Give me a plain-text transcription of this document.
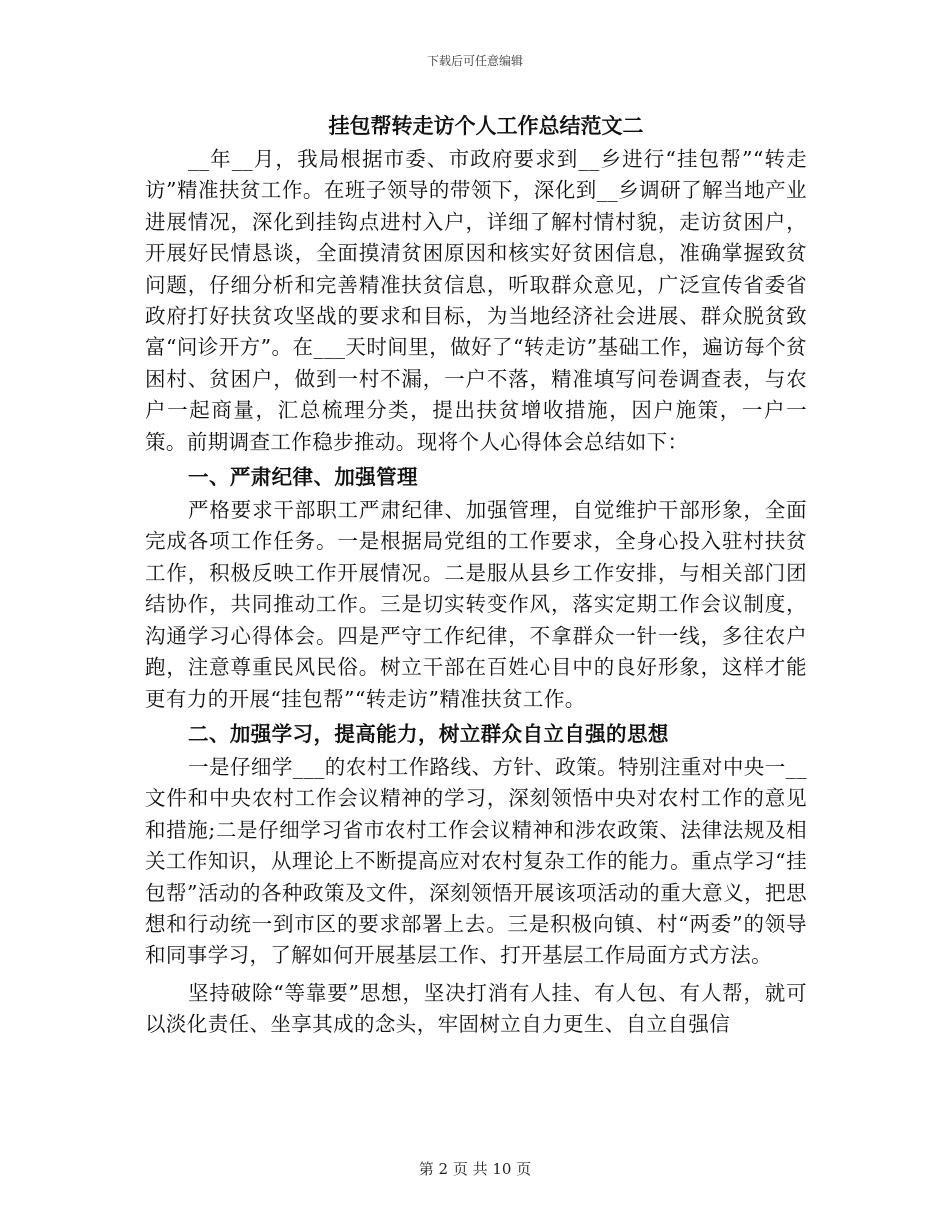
下载后可任意编辑
挂包帮转走访个人工作总结范文二

__年__月，我局根据市委、市政府要求到__乡进行“挂包帮”“转走访”精准扶贫工作。在班子领导的带领下，深化到__乡调研了解当地产业进展情况，深化到挂钩点进村入户，详细了解村情村貌，走访贫困户，开展好民情恳谈，全面摸清贫困原因和核实好贫困信息，准确掌握致贫问题，仔细分析和完善精准扶贫信息，听取群众意见，广泛宣传省委省政府打好扶贫攻坚战的要求和目标，为当地经济社会进展、群众脱贫致富“问诊开方”。在___天时间里，做好了“转走访”基础工作，遍访每个贫困村、贫困户，做到一村不漏，一户不落，精准填写问卷调查表，与农户一起商量，汇总梳理分类，提出扶贫增收措施，因户施策，一户一策。前期调查工作稳步推动。现将个人心得体会总结如下：

一、严肃纪律、加强管理

严格要求干部职工严肃纪律、加强管理，自觉维护干部形象，全面完成各项工作任务。一是根据局党组的工作要求，全身心投入驻村扶贫工作，积极反映工作开展情况。二是服从县乡工作安排，与相关部门团结协作，共同推动工作。三是切实转变作风，落实定期工作会议制度，沟通学习心得体会。四是严守工作纪律，不拿群众一针一线，多往农户跑，注意尊重民风民俗。树立干部在百姓心目中的良好形象，这样才能更有力的开展“挂包帮”“转走访”精准扶贫工作。

二、加强学习，提高能力，树立群众自立自强的思想

一是仔细学___的农村工作路线、方针、政策。特别注重对中央一__文件和中央农村工作会议精神的学习，深刻领悟中央对农村工作的意见和措施;二是仔细学习省市农村工作会议精神和涉农政策、法律法规及相关工作知识，从理论上不断提高应对农村复杂工作的能力。重点学习“挂包帮”活动的各种政策及文件，深刻领悟开展该项活动的重大意义，把思想和行动统一到市区的要求部署上去。三是积极向镇、村“两委”的领导和同事学习，了解如何开展基层工作、打开基层工作局面方式方法。

坚持破除“等靠要”思想，坚决打消有人挂、有人包、有人帮，就可以淡化责任、坐享其成的念头，牢固树立自力更生、自立自强信

第 2 页 共 10 页
